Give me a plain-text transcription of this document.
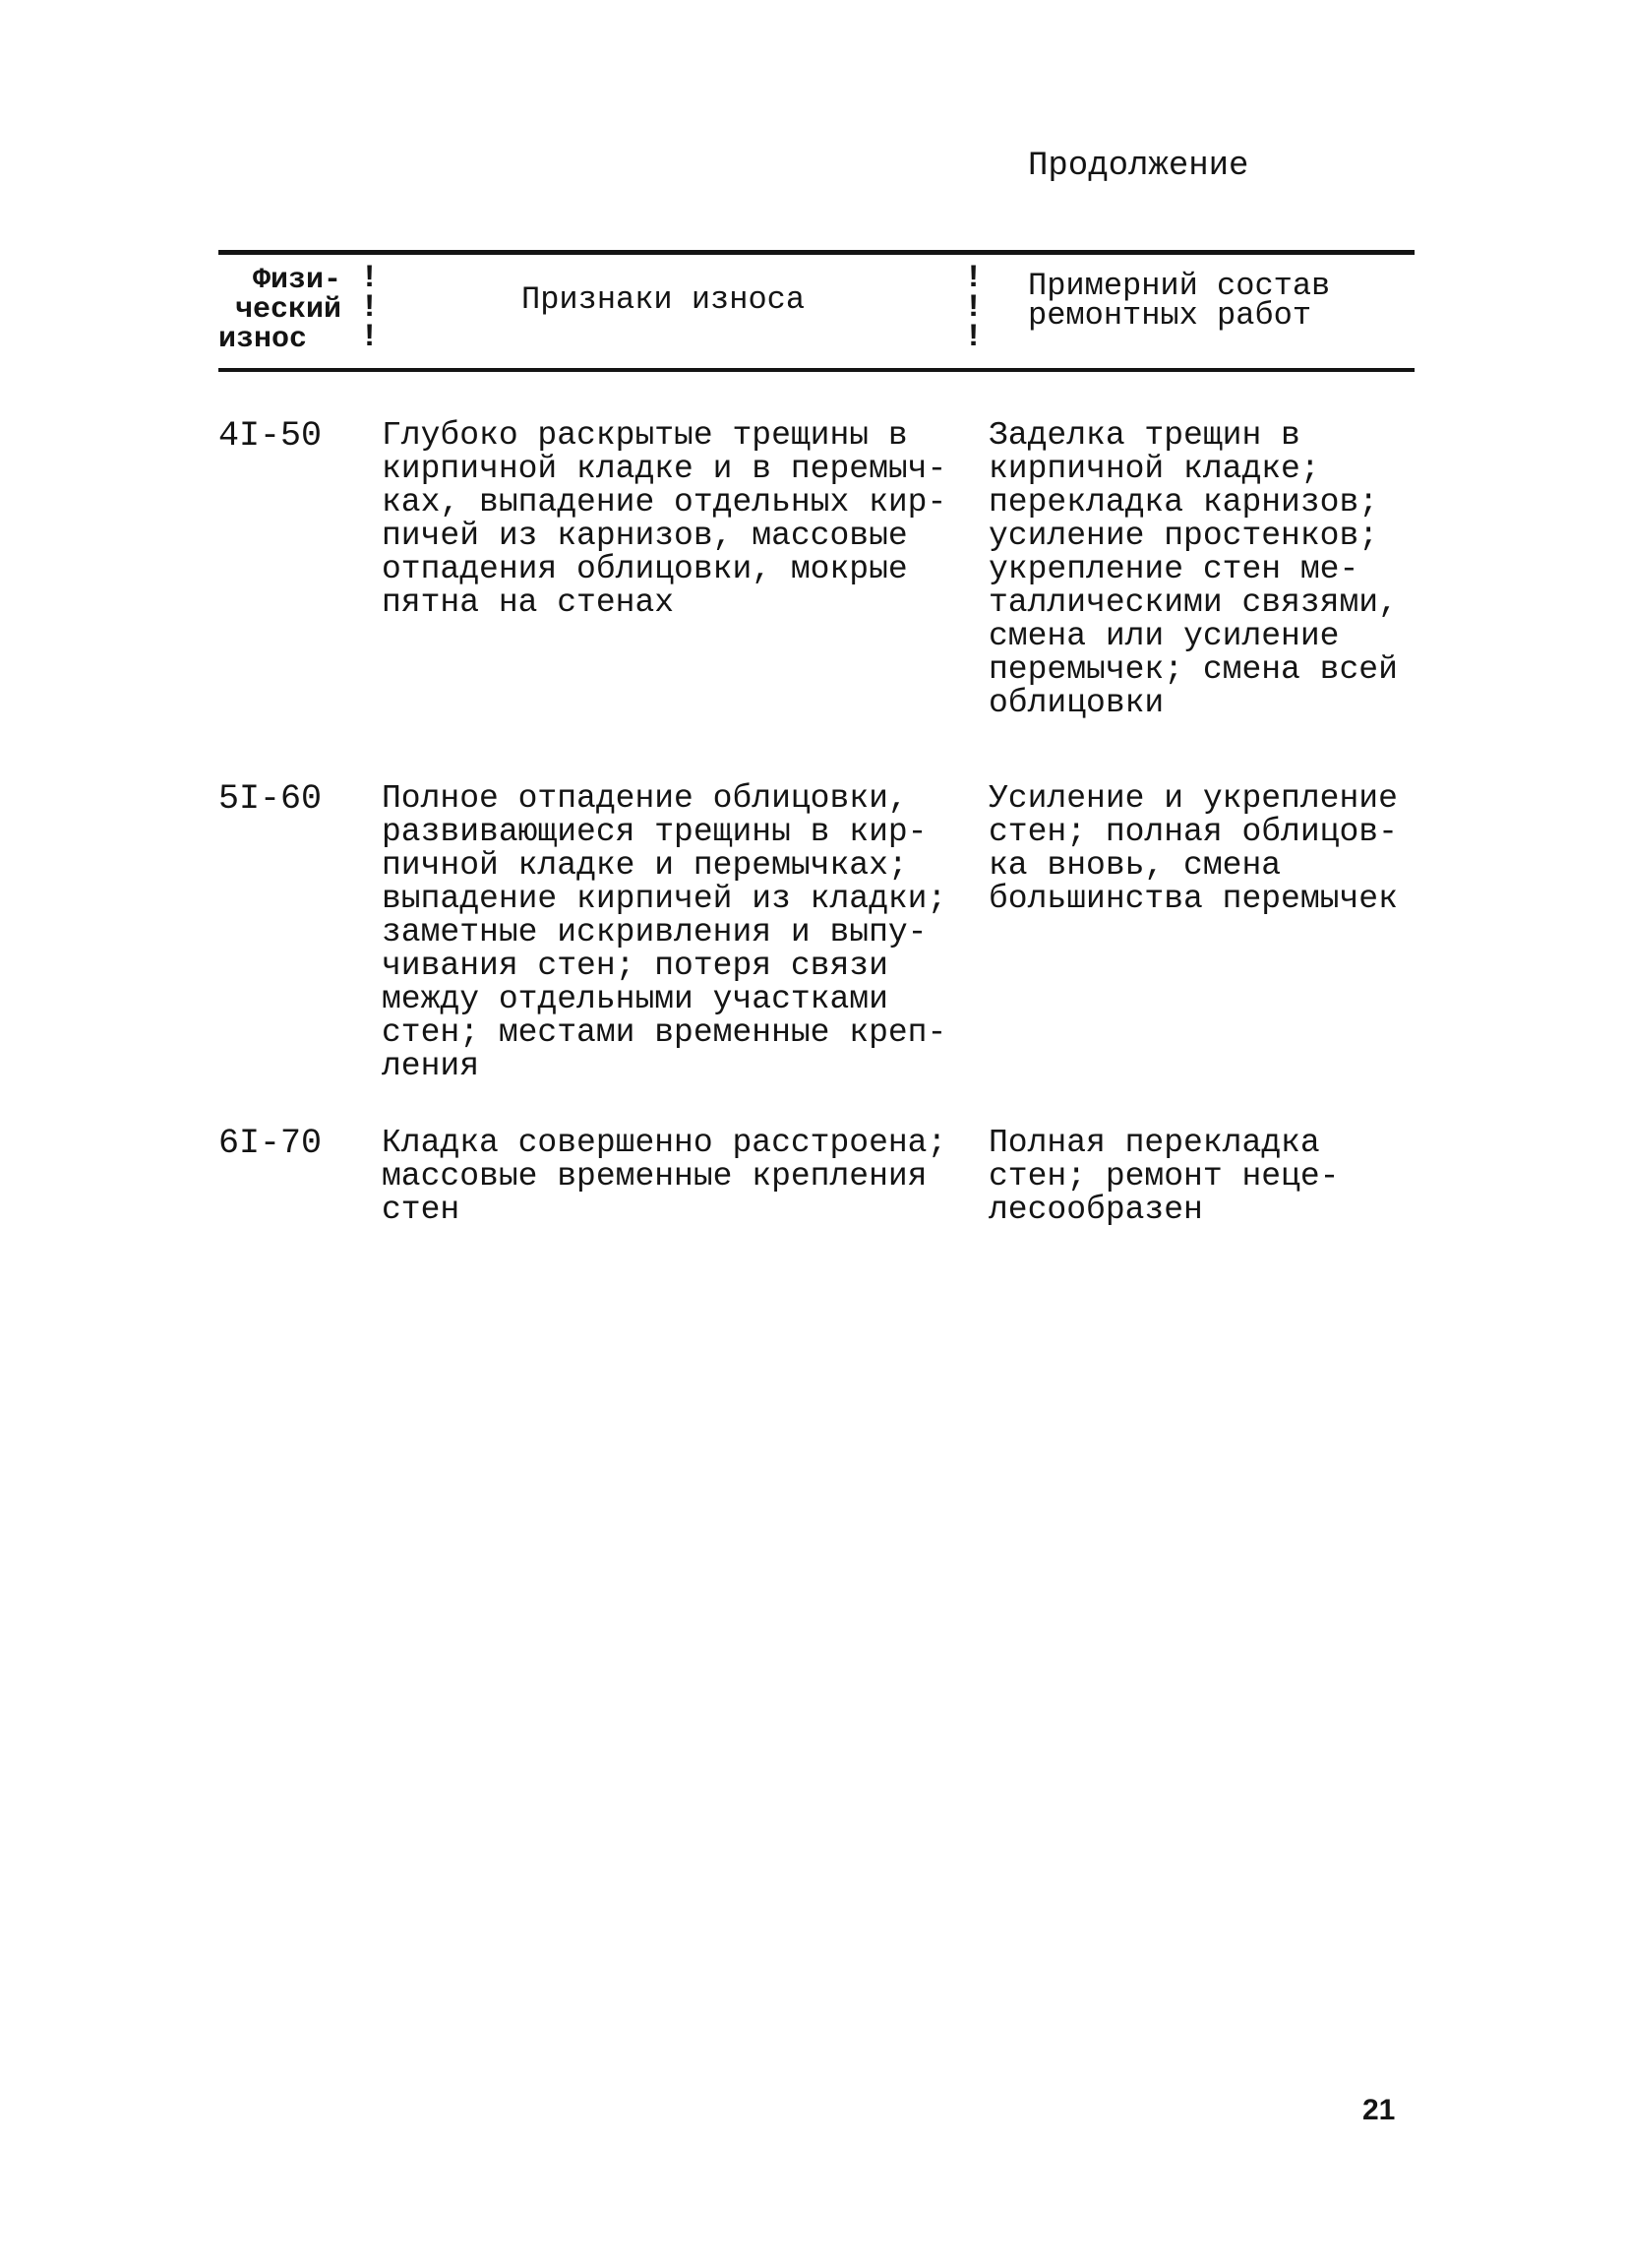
Продолжение
Физи-
ческий
износ
!
!
!
Признаки износа
!
!
!
Примерний состав
ремонтных работ
4I-50 Глубоко раскрытые трещины в
кирпичной кладке и в перемыч-
ках, выпадение отдельных кир-
пичей из карнизов, массовые
отпадения облицовки, мокрые
пятна на стенах
Заделка трещин в
кирпичной кладке;
перекладка карнизов;
усиление простенков;
укрепление стен ме-
таллическими связями,
смена или усиление
перемычек; смена всей
облицовки
5I-60 Полное отпадение облицовки,
развивающиеся трещины в кир-
пичной кладке и перемычках;
выпадение кирпичей из кладки;
заметные искривления и выпу-
чивания стен; потеря связи
между отдельными участками
стен; местами временные креп-
ления
Усиление и укрепление
стен; полная облицов-
ка вновь, смена
большинства перемычек
6I-70 Кладка совершенно расстроена;
массовые временные крепления
стен
Полная перекладка
стен; ремонт неце-
лесообразен
21
